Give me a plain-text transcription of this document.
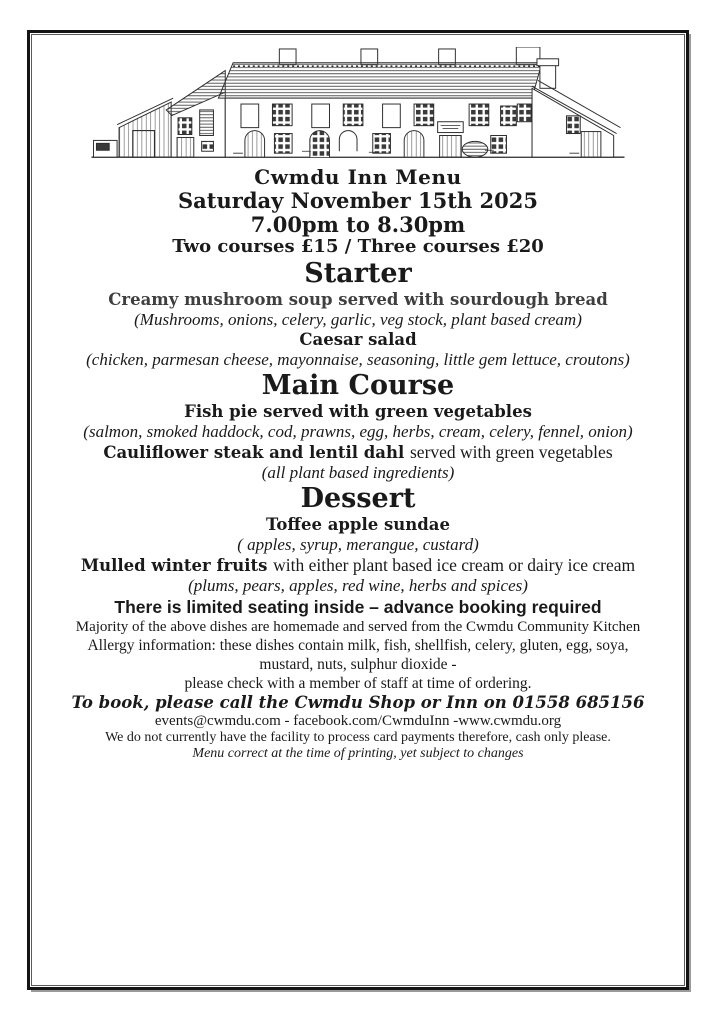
Cwmdu Inn Menu
Saturday November 15th 2025
7.00pm to 8.30pm
Two courses £15 / Three courses £20
Starter
Creamy mushroom soup served with sourdough bread
(Mushrooms, onions, celery, garlic, veg stock, plant based cream)
Caesar salad
(chicken, parmesan cheese, mayonnaise, seasoning, little gem lettuce, croutons)
Main Course
Fish pie served with green vegetables
(salmon, smoked haddock, cod, prawns, egg, herbs, cream, celery, fennel, onion)
Cauliflower steak and lentil dahl served with green vegetables
(all plant based ingredients)
Dessert
Toffee apple sundae
( apples, syrup, merangue, custard)
Mulled winter fruits with either plant based ice cream or dairy ice cream
(plums, pears, apples, red wine, herbs and spices)
There is limited seating inside – advance booking required
Majority of the above dishes are homemade and served from the Cwmdu Community Kitchen
Allergy information: these dishes contain milk, fish, shellfish, celery, gluten, egg, soya,
mustard, nuts, sulphur dioxide -
please check with a member of staff at time of ordering.
To book, please call the Cwmdu Shop or Inn on 01558 685156
events@cwmdu.com - facebook.com/CwmduInn -www.cwmdu.org
We do not currently have the facility to process card payments therefore, cash only please.
Menu correct at the time of printing, yet subject to changes
